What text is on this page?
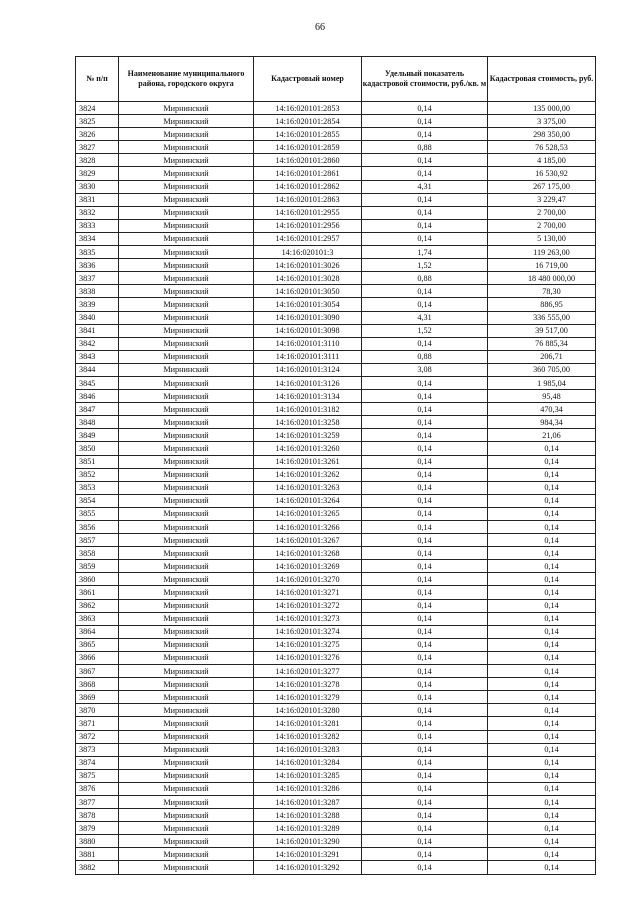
66
№ п/п	Наименование муниципального района, городского округа	Кадастровый номер	Удельный показатель кадастровой стоимости, руб./кв. м	Кадастровая стоимость, руб.
3824	Мирнинский	14:16:020101:2853	0,14	135 000,00
3825	Мирнинский	14:16:020101:2854	0,14	3 375,00
3826	Мирнинский	14:16:020101:2855	0,14	298 350,00
3827	Мирнинский	14:16:020101:2859	0,88	76 528,53
3828	Мирнинский	14:16:020101:2860	0,14	4 185,00
3829	Мирнинский	14:16:020101:2861	0,14	16 530,92
3830	Мирнинский	14:16:020101:2862	4,31	267 175,00
3831	Мирнинский	14:16:020101:2863	0,14	3 229,47
3832	Мирнинский	14:16:020101:2955	0,14	2 700,00
3833	Мирнинский	14:16:020101:2956	0,14	2 700,00
3834	Мирнинский	14:16:020101:2957	0,14	5 130,00
3835	Мирнинский	14:16:020101:3	1,74	119 263,00
3836	Мирнинский	14:16:020101:3026	1,52	16 719,00
3837	Мирнинский	14:16:020101:3028	0,88	18 480 000,00
3838	Мирнинский	14:16:020101:3050	0,14	78,30
3839	Мирнинский	14:16:020101:3054	0,14	886,95
3840	Мирнинский	14:16:020101:3090	4,31	336 555,00
3841	Мирнинский	14:16:020101:3098	1,52	39 517,00
3842	Мирнинский	14:16:020101:3110	0,14	76 885,34
3843	Мирнинский	14:16:020101:3111	0,88	206,71
3844	Мирнинский	14:16:020101:3124	3,08	360 705,00
3845	Мирнинский	14:16:020101:3126	0,14	1 985,04
3846	Мирнинский	14:16:020101:3134	0,14	95,48
3847	Мирнинский	14:16:020101:3182	0,14	470,34
3848	Мирнинский	14:16:020101:3258	0,14	984,34
3849	Мирнинский	14:16:020101:3259	0,14	21,06
3850	Мирнинский	14:16:020101:3260	0,14	0,14
3851	Мирнинский	14:16:020101:3261	0,14	0,14
3852	Мирнинский	14:16:020101:3262	0,14	0,14
3853	Мирнинский	14:16:020101:3263	0,14	0,14
3854	Мирнинский	14:16:020101:3264	0,14	0,14
3855	Мирнинский	14:16:020101:3265	0,14	0,14
3856	Мирнинский	14:16:020101:3266	0,14	0,14
3857	Мирнинский	14:16:020101:3267	0,14	0,14
3858	Мирнинский	14:16:020101:3268	0,14	0,14
3859	Мирнинский	14:16:020101:3269	0,14	0,14
3860	Мирнинский	14:16:020101:3270	0,14	0,14
3861	Мирнинский	14:16:020101:3271	0,14	0,14
3862	Мирнинский	14:16:020101:3272	0,14	0,14
3863	Мирнинский	14:16:020101:3273	0,14	0,14
3864	Мирнинский	14:16:020101:3274	0,14	0,14
3865	Мирнинский	14:16:020101:3275	0,14	0,14
3866	Мирнинский	14:16:020101:3276	0,14	0,14
3867	Мирнинский	14:16:020101:3277	0,14	0,14
3868	Мирнинский	14:16:020101:3278	0,14	0,14
3869	Мирнинский	14:16:020101:3279	0,14	0,14
3870	Мирнинский	14:16:020101:3280	0,14	0,14
3871	Мирнинский	14:16:020101:3281	0,14	0,14
3872	Мирнинский	14:16:020101:3282	0,14	0,14
3873	Мирнинский	14:16:020101:3283	0,14	0,14
3874	Мирнинский	14:16:020101:3284	0,14	0,14
3875	Мирнинский	14:16:020101:3285	0,14	0,14
3876	Мирнинский	14:16:020101:3286	0,14	0,14
3877	Мирнинский	14:16:020101:3287	0,14	0,14
3878	Мирнинский	14:16:020101:3288	0,14	0,14
3879	Мирнинский	14:16:020101:3289	0,14	0,14
3880	Мирнинский	14:16:020101:3290	0,14	0,14
3881	Мирнинский	14:16:020101:3291	0,14	0,14
3882	Мирнинский	14:16:020101:3292	0,14	0,14
